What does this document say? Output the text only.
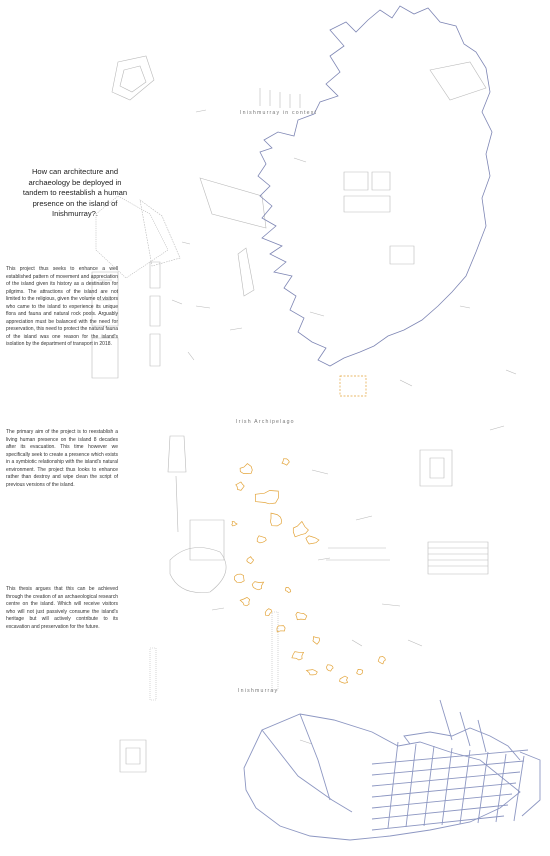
How can architecture and archaeology be deployed in tandem to reestablish a human presence on the island of Inishmurray?.
This project thus seeks to enhance a well established pattern of movement and appreciation of the island given its history as a destination for pilgrims. The attractions of the island are not limited to the religious, given the volume of visitors who came to the island to experience its unique flora and fauna and natural rock pools. Arguably appreciation must be balanced with the need for preservation, this need to protect the natural fauna of the island was one reason for the island's isolation by the department of transport in 2018.
The primary aim of the project is to reestablish a living human presence on the island 8 decades after its evacuation. This time however we specifically seek to create a presence which exists in a symbiotic relationship with the island's natural environment. The project thus looks to enhance rather than destroy and wipe clean the script of previous versions of the island.
This thesis argues that this can be achieved through the creation of an archaeological research centre on the island. Which will receive visitors who will not just passively consume the island's heritage but will actively contribute to its excavation and preservation for the future.
Inishmurray in context
Irish Archipelago
Inishmurray
